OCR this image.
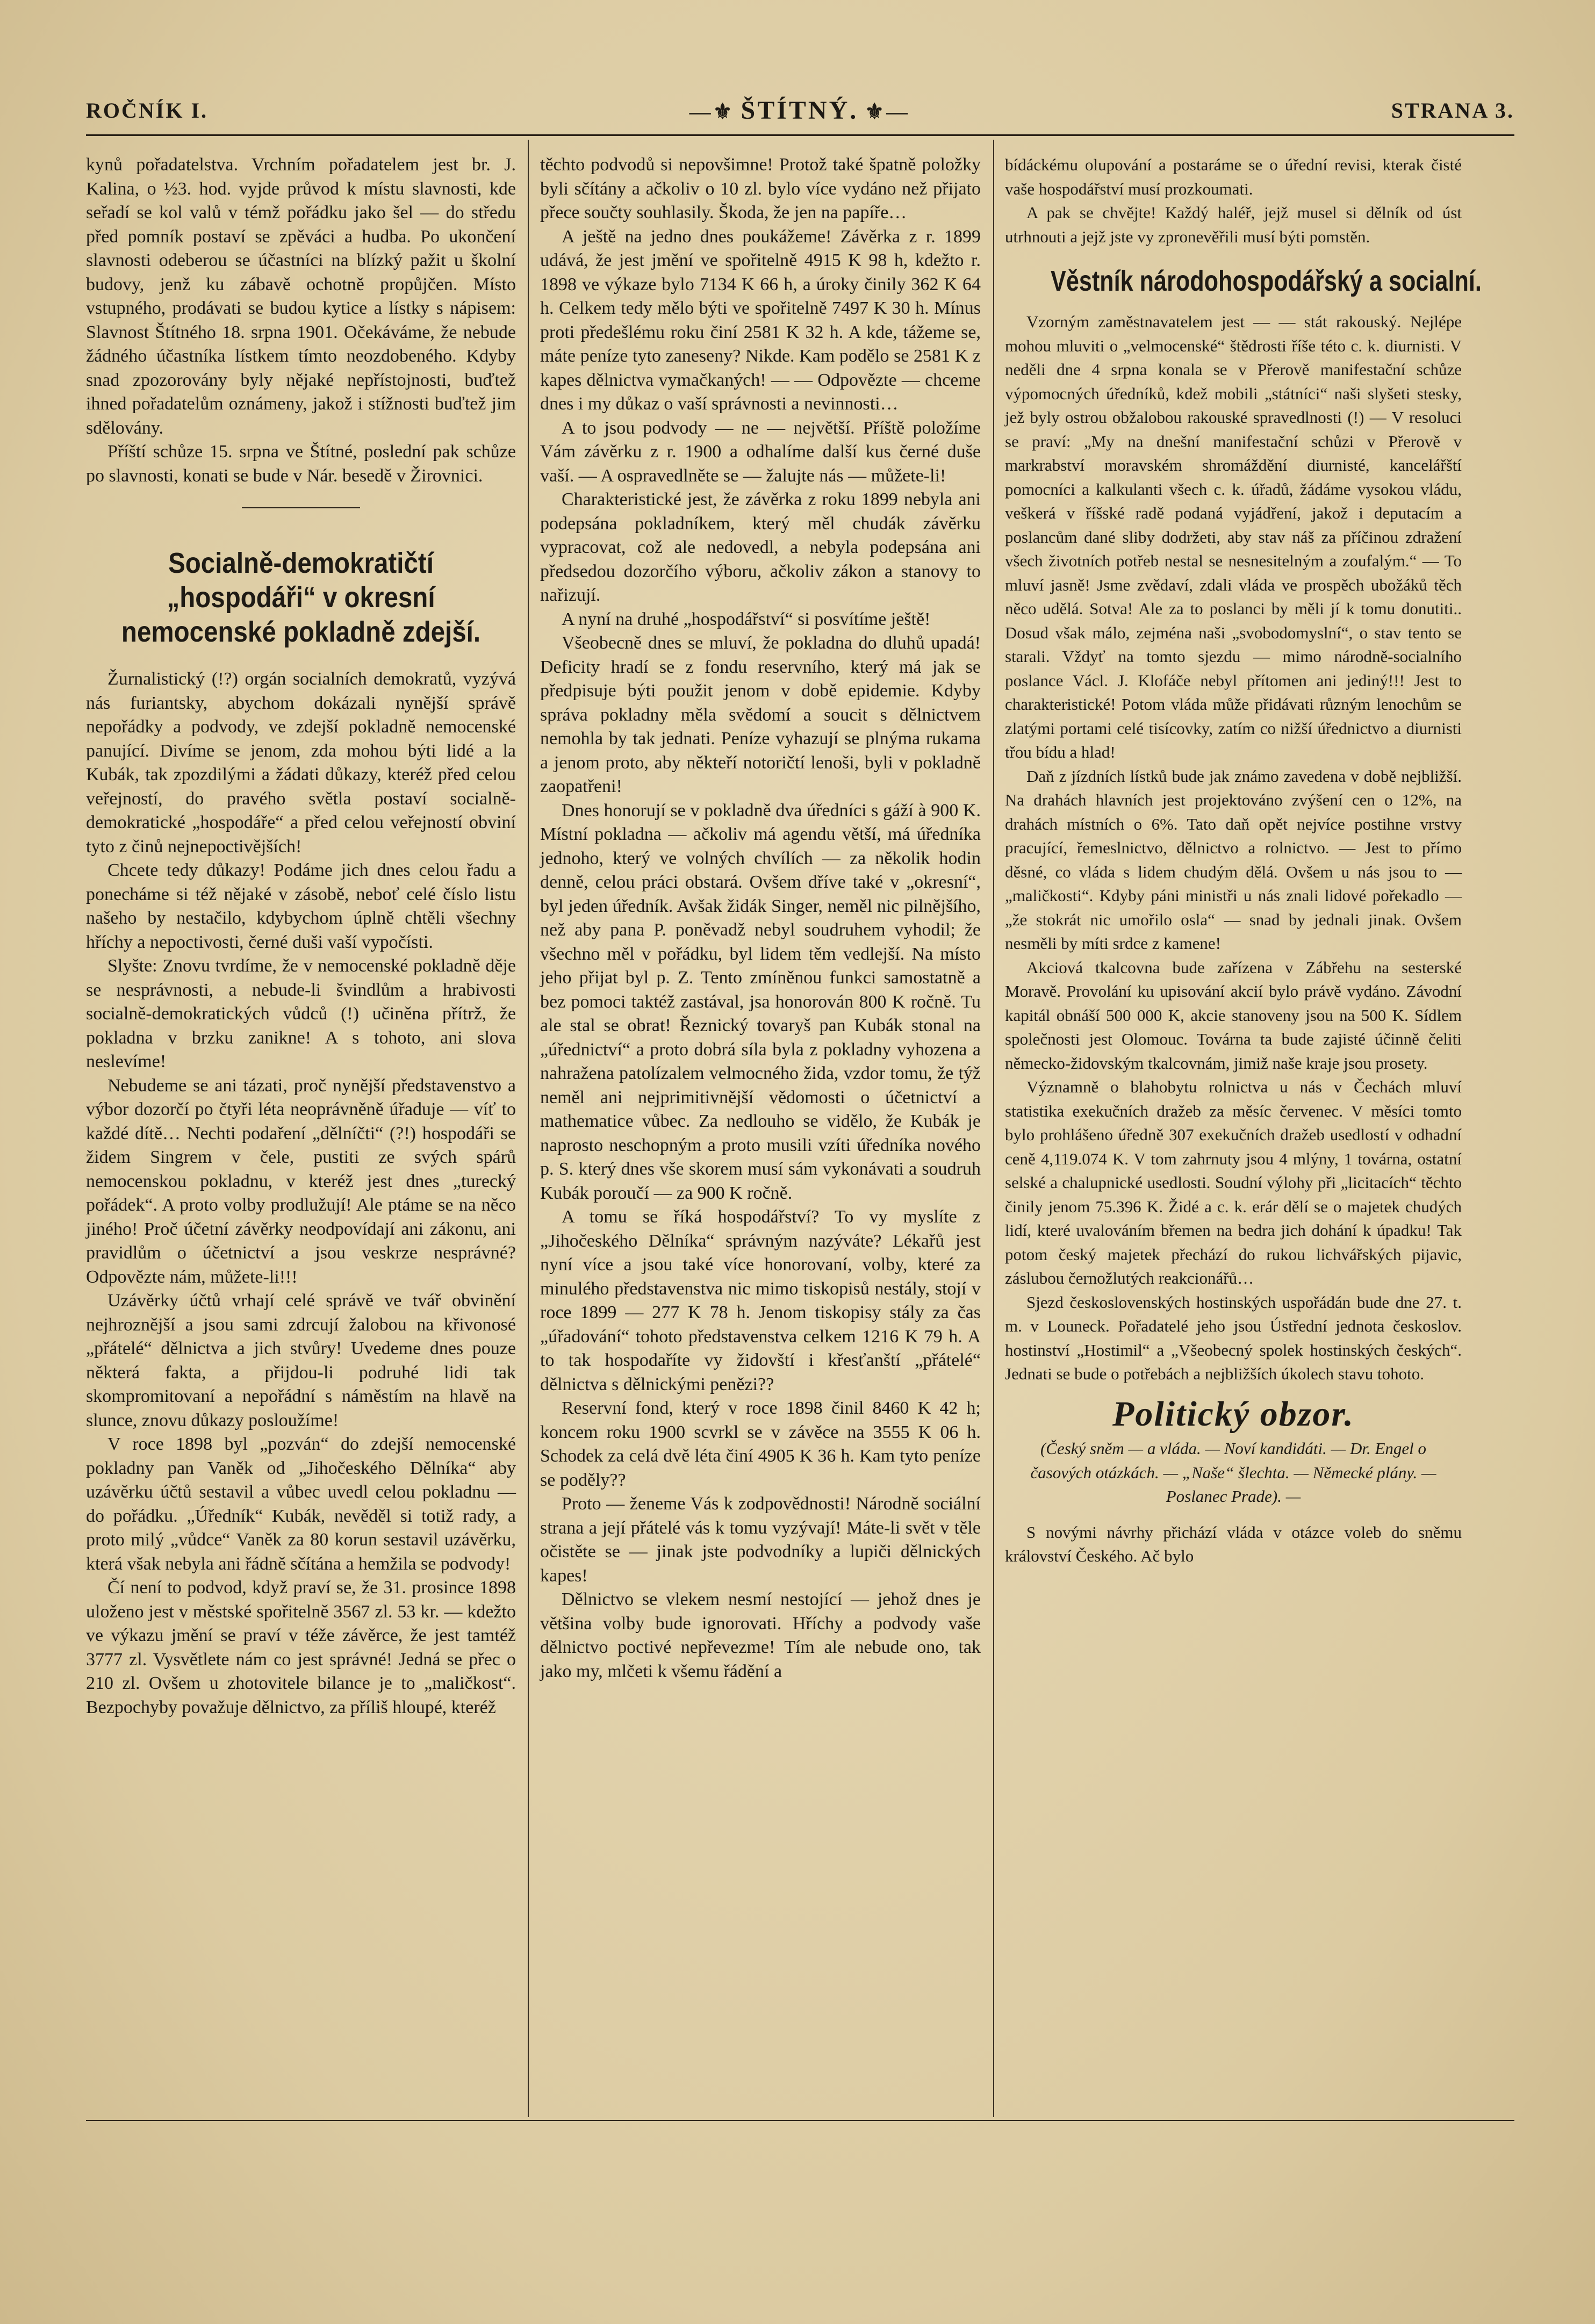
ROČNÍK I.	—⚜ ŠTÍTNÝ. ⚜—	STRANA 3.

kynů pořadatelstva. Vrchním pořadatelem jest br. J. Kalina, o ½3. hod. vyjde průvod k místu slavnosti, kde seřadí se kol valů v témž pořádku jako šel — do středu před pomník postaví se zpěváci a hudba. Po ukončení slavnosti odeberou se účastníci na blízký pažit u školní budovy, jenž ku zábavě ochotně propůjčen. Místo vstupného, prodávati se budou kytice a lístky s nápisem: Slavnost Štítného 18. srpna 1901. Očekáváme, že nebude žádného účastníka lístkem tímto neozdobeného. Kdyby snad zpozorovány byly nějaké nepřístojnosti, buďtež ihned pořadatelům oznámeny, jakož i stížnosti buďtež jim sdělovány.

Příští schůze 15. srpna ve Štítné, poslední pak schůze po slavnosti, konati se bude v Nár. besedě v Žirovnici.

Socialně-demokratičtí „hospodáři“ v okresní nemocenské pokladně zdejší.

Žurnalistický (!?) orgán socialních demokratů, vyzývá nás furiantsky, abychom dokázali nynější správě nepořádky a podvody, ve zdejší pokladně nemocenské panující. Divíme se jenom, zda mohou býti lidé a la Kubák, tak zpozdilými a žádati důkazy, kteréž před celou veřejností, do pravého světla postaví socialně-demokratické „hospodáře“ a před celou veřejností obviní tyto z činů nejnepoctivějších!

Chcete tedy důkazy! Podáme jich dnes celou řadu a ponecháme si též nějaké v zásobě, neboť celé číslo listu našeho by nestačilo, kdybychom úplně chtěli všechny hříchy a nepoctivosti, černé duši vaší vypočísti.

Slyšte: Znovu tvrdíme, že v nemocenské pokladně děje se nesprávnosti, a nebude-li švindlům a hrabivosti socialně-demokratických vůdců (!) učiněna přítrž, že pokladna v brzku zanikne! A s tohoto, ani slova neslevíme!

Nebudeme se ani tázati, proč nynější představenstvo a výbor dozorčí po čtyři léta neoprávněně úřaduje — víť to každé dítě… Nechti podaření „dělníčti“ (?!) hospodáři se židem Singrem v čele, pustiti ze svých spárů nemocenskou pokladnu, v kteréž jest dnes „turecký pořádek“. A proto volby prodlužují! Ale ptáme se na něco jiného! Proč účetní závěrky neodpovídají ani zákonu, ani pravidlům o účetnictví a jsou veskrze nesprávné? Odpovězte nám, můžete-li!!!

Uzávěrky účtů vrhají celé správě ve tvář obvinění nejhroznější a jsou sami zdrcují žalobou na křivonosé „přátelé“ dělnictva a jich stvůry! Uvedeme dnes pouze některá fakta, a přijdou-li podruhé lidi tak skompromitovaní a nepořádní s náměstím na hlavě na slunce, znovu důkazy posloužíme!

V roce 1898 byl „pozván“ do zdejší nemocenské pokladny pan Vaněk od „Jihočeského Dělníka“ aby uzávěrku účtů sestavil a vůbec uvedl celou pokladnu — do pořádku. „Úředník“ Kubák, nevěděl si totiž rady, a proto milý „vůdce“ Vaněk za 80 korun sestavil uzávěrku, která však nebyla ani řádně sčítána a hemžila se podvody!

Čí není to podvod, když praví se, že 31. prosince 1898 uloženo jest v městské spořitelně 3567 zl. 53 kr. — kdežto ve výkazu jmění se praví v téže závěrce, že jest tamtéž 3777 zl. Vysvětlete nám co jest správné! Jedná se přec o 210 zl. Ovšem u zhotovitele bilance je to „maličkost“. Bezpochyby považuje dělnictvo, za příliš hloupé, kteréž

těchto podvodů si nepovšimne! Protož také špatně položky byli sčítány a ačkoliv o 10 zl. bylo více vydáno než přijato přece součty souhlasily. Škoda, že jen na papíře…

A ještě na jedno dnes poukážeme! Závěrka z r. 1899 udává, že jest jmění ve spořitelně 4915 K 98 h, kdežto r. 1898 ve výkaze bylo 7134 K 66 h, a úroky činily 362 K 64 h. Celkem tedy mělo býti ve spořitelně 7497 K 30 h. Mínus proti předešlému roku činí 2581 K 32 h. A kde, tážeme se, máte peníze tyto zaneseny? Nikde. Kam podělo se 2581 K z kapes dělnictva vymačkaných! — — Odpovězte — chceme dnes i my důkaz o vaší správnosti a nevinnosti…

A to jsou podvody — ne — největší. Příště položíme Vám závěrku z r. 1900 a odhalíme další kus černé duše vaší. — A ospravedlněte se — žalujte nás — můžete-li!

Charakteristické jest, že závěrka z roku 1899 nebyla ani podepsána pokladníkem, který měl chudák závěrku vypracovat, což ale nedovedl, a nebyla podepsána ani předsedou dozorčího výboru, ačkoliv zákon a stanovy to nařizují.

A nyní na druhé „hospodářství“ si posvítíme ještě!

Všeobecně dnes se mluví, že pokladna do dluhů upadá! Deficity hradí se z fondu reservního, který má jak se předpisuje býti použit jenom v době epidemie. Kdyby správa pokladny měla svědomí a soucit s dělnictvem nemohla by tak jednati. Peníze vyhazují se plnýma rukama a jenom proto, aby někteří notoričtí lenoši, byli v pokladně zaopatřeni!

Dnes honorují se v pokladně dva úředníci s gáží à 900 K. Místní pokladna — ačkoliv má agendu větší, má úředníka jednoho, který ve volných chvílích — za několik hodin denně, celou práci obstará. Ovšem dříve také v „okresní“, byl jeden úředník. Avšak židák Singer, neměl nic pilnějšího, než aby pana P. poněvadž nebyl soudruhem vyhodil; že všechno měl v pořádku, byl lidem těm vedlejší. Na místo jeho přijat byl p. Z. Tento zmíněnou funkci samostatně a bez pomoci taktéž zastával, jsa honorován 800 K ročně. Tu ale stal se obrat! Řeznický tovaryš pan Kubák stonal na „úřednictví“ a proto dobrá síla byla z pokladny vyhozena a nahražena patolízalem velmocného žida, vzdor tomu, že týž neměl ani nejprimitivnější vědomosti o účetnictví a mathematice vůbec. Za nedlouho se vidělo, že Kubák je naprosto neschopným a proto musili vzíti úředníka nového p. S. který dnes vše skorem musí sám vykonávati a soudruh Kubák poroučí — za 900 K ročně.

A tomu se říká hospodářství? To vy myslíte z „Jihočeského Dělníka“ správným nazýváte? Lékařů jest nyní více a jsou také více honorovaní, volby, které za minulého představenstva nic mimo tiskopisů nestály, stojí v roce 1899 — 277 K 78 h. Jenom tiskopisy stály za čas „úřadování“ tohoto představenstva celkem 1216 K 79 h. A to tak hospodaříte vy židovští i křesťanští „přátelé“ dělnictva s dělnickými penězi??

Reservní fond, který v roce 1898 činil 8460 K 42 h; koncem roku 1900 scvrkl se v závěce na 3555 K 06 h. Schodek za celá dvě léta činí 4905 K 36 h. Kam tyto peníze se poděly??

Proto — ženeme Vás k zodpovědnosti! Národně sociální strana a její přátelé vás k tomu vyzývají! Máte-li svět v těle očistěte se — jinak jste podvodníky a lupiči dělnických kapes!

Dělnictvo se vlekem nesmí nestojící — jehož dnes je většina volby bude ignorovati. Hříchy a podvody vaše dělnictvo poctivé nepřevezme! Tím ale nebude ono, tak jako my, mlčeti k všemu řádění a

bídáckému olupování a postaráme se o úřední revisi, kterak čisté vaše hospodářství musí prozkoumati.

A pak se chvějte! Každý haléř, jejž musel si dělník od úst utrhnouti a jejž jste vy zpronevěřili musí býti pomstěn.

Věstník národohospodářský a socialní.

Vzorným zaměstnavatelem jest — — stát rakouský. Nejlépe mohou mluviti o „velmocenské“ štědrosti říše této c. k. diurnisti. V neděli dne 4 srpna konala se v Přerově manifestační schůze výpomocných úředníků, kdež mobili „státníci“ naši slyšeti stesky, jež byly ostrou obžalobou rakouské spravedlnosti (!) — V resoluci se praví: „My na dnešní manifestační schůzi v Přerově v markrabství moravském shromáždění diurnisté, kancelářští pomocníci a kalkulanti všech c. k. úřadů, žádáme vysokou vládu, veškerá v říšské radě podaná vyjádření, jakož i deputacím a poslancům dané sliby dodržeti, aby stav náš za příčinou zdražení všech životních potřeb nestal se nesnesitelným a zoufalým.“ — To mluví jasně! Jsme zvědaví, zdali vláda ve prospěch ubožáků těch něco udělá. Sotva! Ale za to poslanci by měli jí k tomu donutiti.. Dosud však málo, zejména naši „svobodomyslní“, o stav tento se starali. Vždyť na tomto sjezdu — mimo národně-socialního poslance Václ. J. Klofáče nebyl přítomen ani jediný!!! Jest to charakteristické! Potom vláda může přidávati různým lenochům se zlatými portami celé tisícovky, zatím co nižší úřednictvo a diurnisti třou bídu a hlad!

Daň z jízdních lístků bude jak známo zavedena v době nejbližší. Na drahách hlavních jest projektováno zvýšení cen o 12%, na drahách místních o 6%. Tato daň opět nejvíce postihne vrstvy pracující, řemeslnictvo, dělnictvo a rolnictvo. — Jest to přímo děsné, co vláda s lidem chudým dělá. Ovšem u nás jsou to — „maličkosti“. Kdyby páni ministři u nás znali lidové pořekadlo — „že stokrát nic umořilo osla“ — snad by jednali jinak. Ovšem nesměli by míti srdce z kamene!

Akciová tkalcovna bude zařízena v Zábřehu na sesterské Moravě. Provolání ku upisování akcií bylo právě vydáno. Závodní kapitál obnáší 500 000 K, akcie stanoveny jsou na 500 K. Sídlem společnosti jest Olomouc. Továrna ta bude zajisté účinně čeliti německo-židovským tkalcovnám, jimiž naše kraje jsou prosety.

Významně o blahobytu rolnictva u nás v Čechách mluví statistika exekučních dražeb za měsíc červenec. V měsíci tomto bylo prohlášeno úředně 307 exekučních dražeb usedlostí v odhadní ceně 4,119.074 K. V tom zahrnuty jsou 4 mlýny, 1 továrna, ostatní selské a chalupnické usedlosti. Soudní výlohy při „licitacích“ těchto činily jenom 75.396 K. Židé a c. k. erár dělí se o majetek chudých lidí, které uvalováním břemen na bedra jich dohání k úpadku! Tak potom český majetek přechází do rukou lichvářských pijavic, záslubou černožlutých reakcionářů…

Sjezd československých hostinských uspořádán bude dne 27. t. m. v Louneck. Pořadatelé jeho jsou Ústřední jednota českoslov. hostinství „Hostimil“ a „Všeobecný spolek hostinských českých“. Jednati se bude o potřebách a nejbližších úkolech stavu tohoto.

Politický obzor.

(Český sněm — a vláda. — Noví kandidáti. — Dr. Engel o časových otázkách. — „Naše“ šlechta. — Německé plány. — Poslanec Prade). —

S novými návrhy přichází vláda v otázce voleb do sněmu království Českého. Ač bylo
